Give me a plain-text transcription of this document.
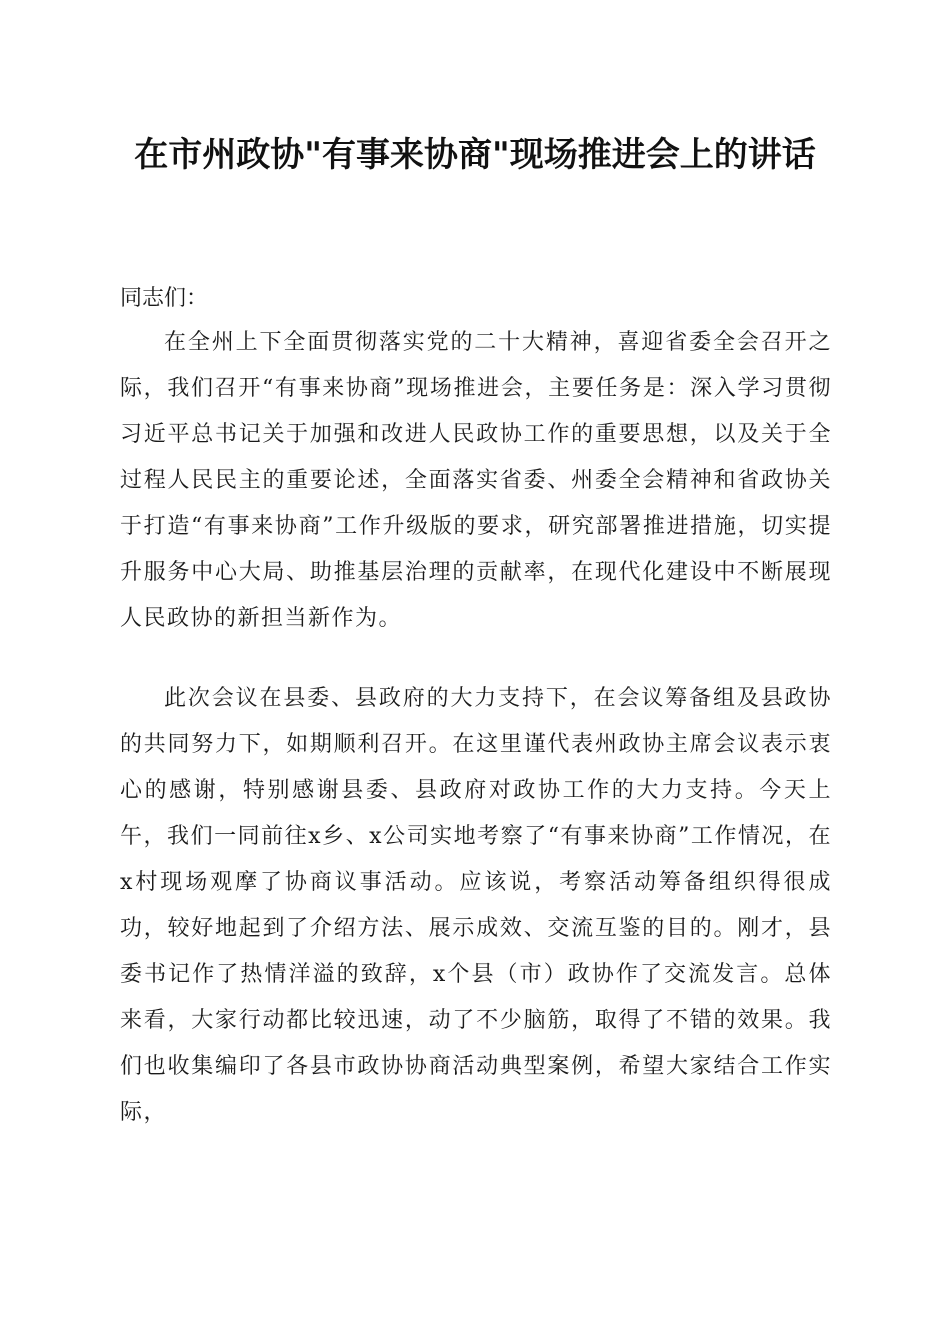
在市州政协"有事来协商"现场推进会上的讲话

同志们：

在全州上下全面贯彻落实党的二十大精神，喜迎省委全会召开之际，我们召开“有事来协商”现场推进会，主要任务是：深入学习贯彻习近平总书记关于加强和改进人民政协工作的重要思想，以及关于全过程人民民主的重要论述，全面落实省委、州委全会精神和省政协关于打造“有事来协商”工作升级版的要求，研究部署推进措施，切实提升服务中心大局、助推基层治理的贡献率，在现代化建设中不断展现人民政协的新担当新作为。

此次会议在县委、县政府的大力支持下，在会议筹备组及县政协的共同努力下，如期顺利召开。在这里谨代表州政协主席会议表示衷心的感谢，特别感谢县委、县政府对政协工作的大力支持。今天上午，我们一同前往x乡、x公司实地考察了“有事来协商”工作情况，在x村现场观摩了协商议事活动。应该说，考察活动筹备组织得很成功，较好地起到了介绍方法、展示成效、交流互鉴的目的。刚才，县委书记作了热情洋溢的致辞，x个县（市）政协作了交流发言。总体来看，大家行动都比较迅速，动了不少脑筋，取得了不错的效果。我们也收集编印了各县市政协协商活动典型案例，希望大家结合工作实际，
